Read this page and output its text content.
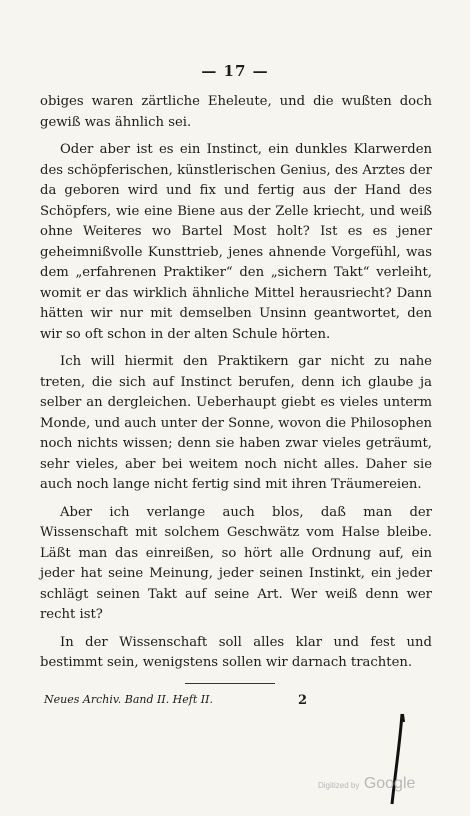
— 17 —

obiges waren zärtliche Eheleute, und die wußten doch gewiß was ähnlich sei.

Oder aber ist es ein Instinct, ein dunkles Klarwerden des schöpferischen, künstlerischen Genius, des Arztes der da geboren wird und fix und fertig aus der Hand des Schöpfers, wie eine Biene aus der Zelle kriecht, und weiß ohne Weiteres wo Bartel Most holt? Ist es es jener geheimnißvolle Kunsttrieb, jenes ahnende Vorgefühl, was dem „erfahrenen Praktiker“ den „sichern Takt“ verleiht, womit er das wirklich ähnliche Mittel herausriecht? Dann hätten wir nur mit demselben Unsinn geantwortet, den wir so oft schon in der alten Schule hörten.

Ich will hiermit den Praktikern gar nicht zu nahe treten, die sich auf Instinct berufen, denn ich glaube ja selber an dergleichen. Ueberhaupt giebt es vieles unterm Monde, und auch unter der Sonne, wovon die Philosophen noch nichts wissen; denn sie haben zwar vieles geträumt, sehr vieles, aber bei weitem noch nicht alles. Daher sie auch noch lange nicht fertig sind mit ihren Träumereien.

Aber ich verlange auch blos, daß man der Wissenschaft mit solchem Geschwätz vom Halse bleibe. Läßt man das einreißen, so hört alle Ordnung auf, ein jeder hat seine Meinung, jeder seinen Instinkt, ein jeder schlägt seinen Takt auf seine Art. Wer weiß denn wer recht ist?

In der Wissenschaft soll alles klar und fest und bestimmt sein, wenigstens sollen wir darnach trachten.

Neues Archiv. Band II. Heft II.	2
Digitized by Google
